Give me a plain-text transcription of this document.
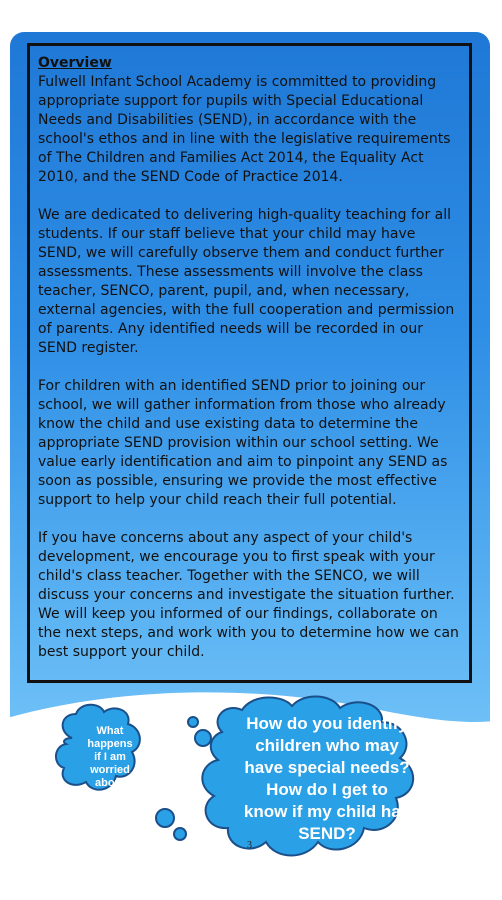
Overview

Fulwell Infant School Academy is committed to providing appropriate support for pupils with Special Educational Needs and Disabilities (SEND), in accordance with the school's ethos and in line with the legislative requirements of The Children and Families Act 2014, the Equality Act 2010, and the SEND Code of Practice 2014.

We are dedicated to delivering high-quality teaching for all students. If our staff believe that your child may have SEND, we will carefully observe them and conduct further assessments. These assessments will involve the class teacher, SENCO, parent, pupil, and, when necessary, external agencies, with the full cooperation and permission of parents. Any identified needs will be recorded in our SEND register.

For children with an identified SEND prior to joining our school, we will gather information from those who already know the child and use existing data to determine the appropriate SEND provision within our school setting. We value early identification and aim to pinpoint any SEND as soon as possible, ensuring we provide the most effective support to help your child reach their full potential.

If you have concerns about any aspect of your child's development, we encourage you to first speak with your child's class teacher. Together with the SENCO, we will discuss your concerns and investigate the situation further. We will keep you informed of our findings, collaborate on the next steps, and work with you to determine how we can best support your child.

What
happens
if I am
worried
about
my
child?
How do you identify
children who may
have special needs?
How do I get to
know if my child has
SEND?
3
